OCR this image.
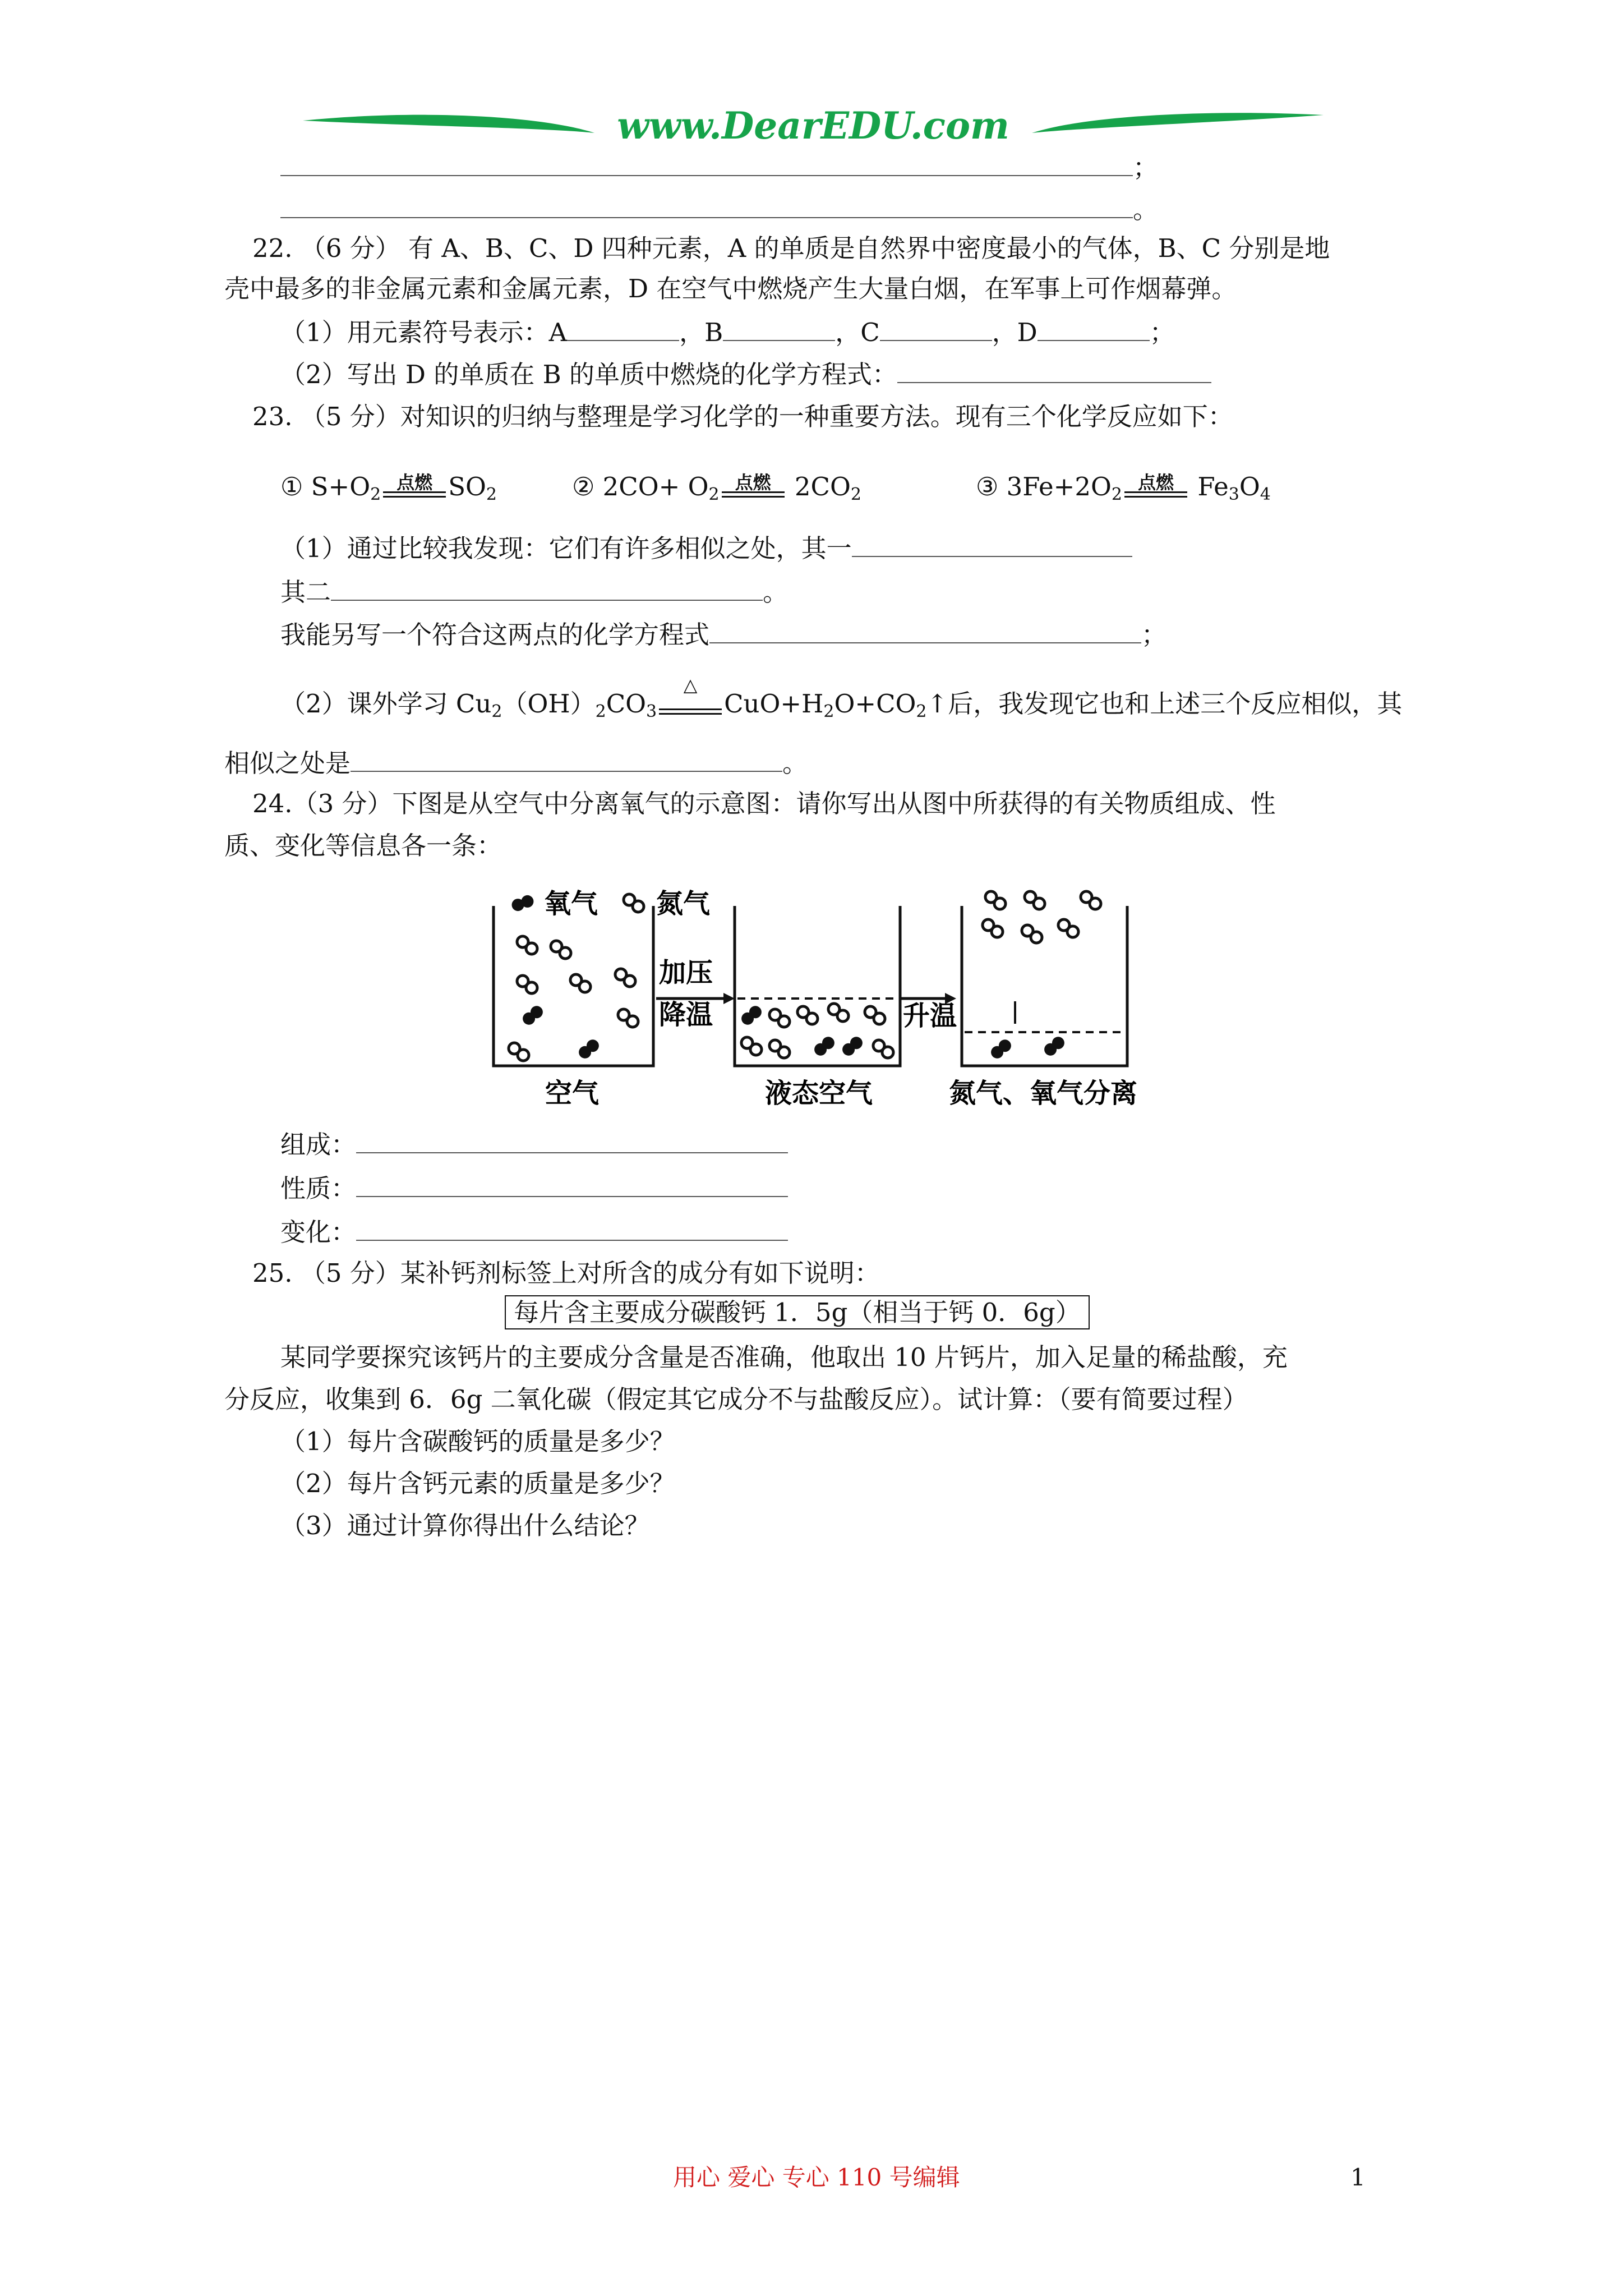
www.DearEDU.com
；
。
22. （6 分） 有 A、B、C、D 四种元素，A 的单质是自然界中密度最小的气体，B、C 分别是地
壳中最多的非金属元素和金属元素，D 在空气中燃烧产生大量白烟，在军事上可作烟幕弹。
（1）用元素符号表示：A	，B	，C	，D	；
（2）写出 D 的单质在 B 的单质中燃烧的化学方程式：
23. （5 分）对知识的归纳与整理是学习化学的一种重要方法。现有三个化学反应如下：
① $S+O_2$
点燃 $SO_2$	② $2CO+ O_2$
点燃 $2CO_2$	③ $3Fe+2O_2$
点燃 $Fe_3O_4$
（1）通过比较我发现：它们有许多相似之处，其一
其二	。
我能另写一个符合这两点的化学方程式	；
（2）课外学习 $Cu_2(OH)_2CO_3$
△
$CuO+H_2O+CO_2↑$后，我发现它也和上述三个反应相似，其
相似之处是	。
24.（3 分）下图是从空气中分离氧气的示意图：请你写出从图中所获得的有关物质组成、性
质、变化等信息各一条：
氧气 氮气
加压
降温	升温
空气	液态空气	氮气、氧气分离
组成：
性质：
变化：
25. （5 分）某补钙剂标签上对所含的成分有如下说明：
每片含主要成分碳酸钙 1．5g（相当于钙 0．6g）
某同学要探究该钙片的主要成分含量是否准确，他取出 10 片钙片，加入足量的稀盐酸，充
分反应，收集到 6．6g 二氧化碳（假定其它成分不与盐酸反应）。试计算：（要有简要过程）
（1）每片含碳酸钙的质量是多少？
（2）每片含钙元素的质量是多少？
（3）通过计算你得出什么结论？
用心 爱心 专心 110 号编辑	1
